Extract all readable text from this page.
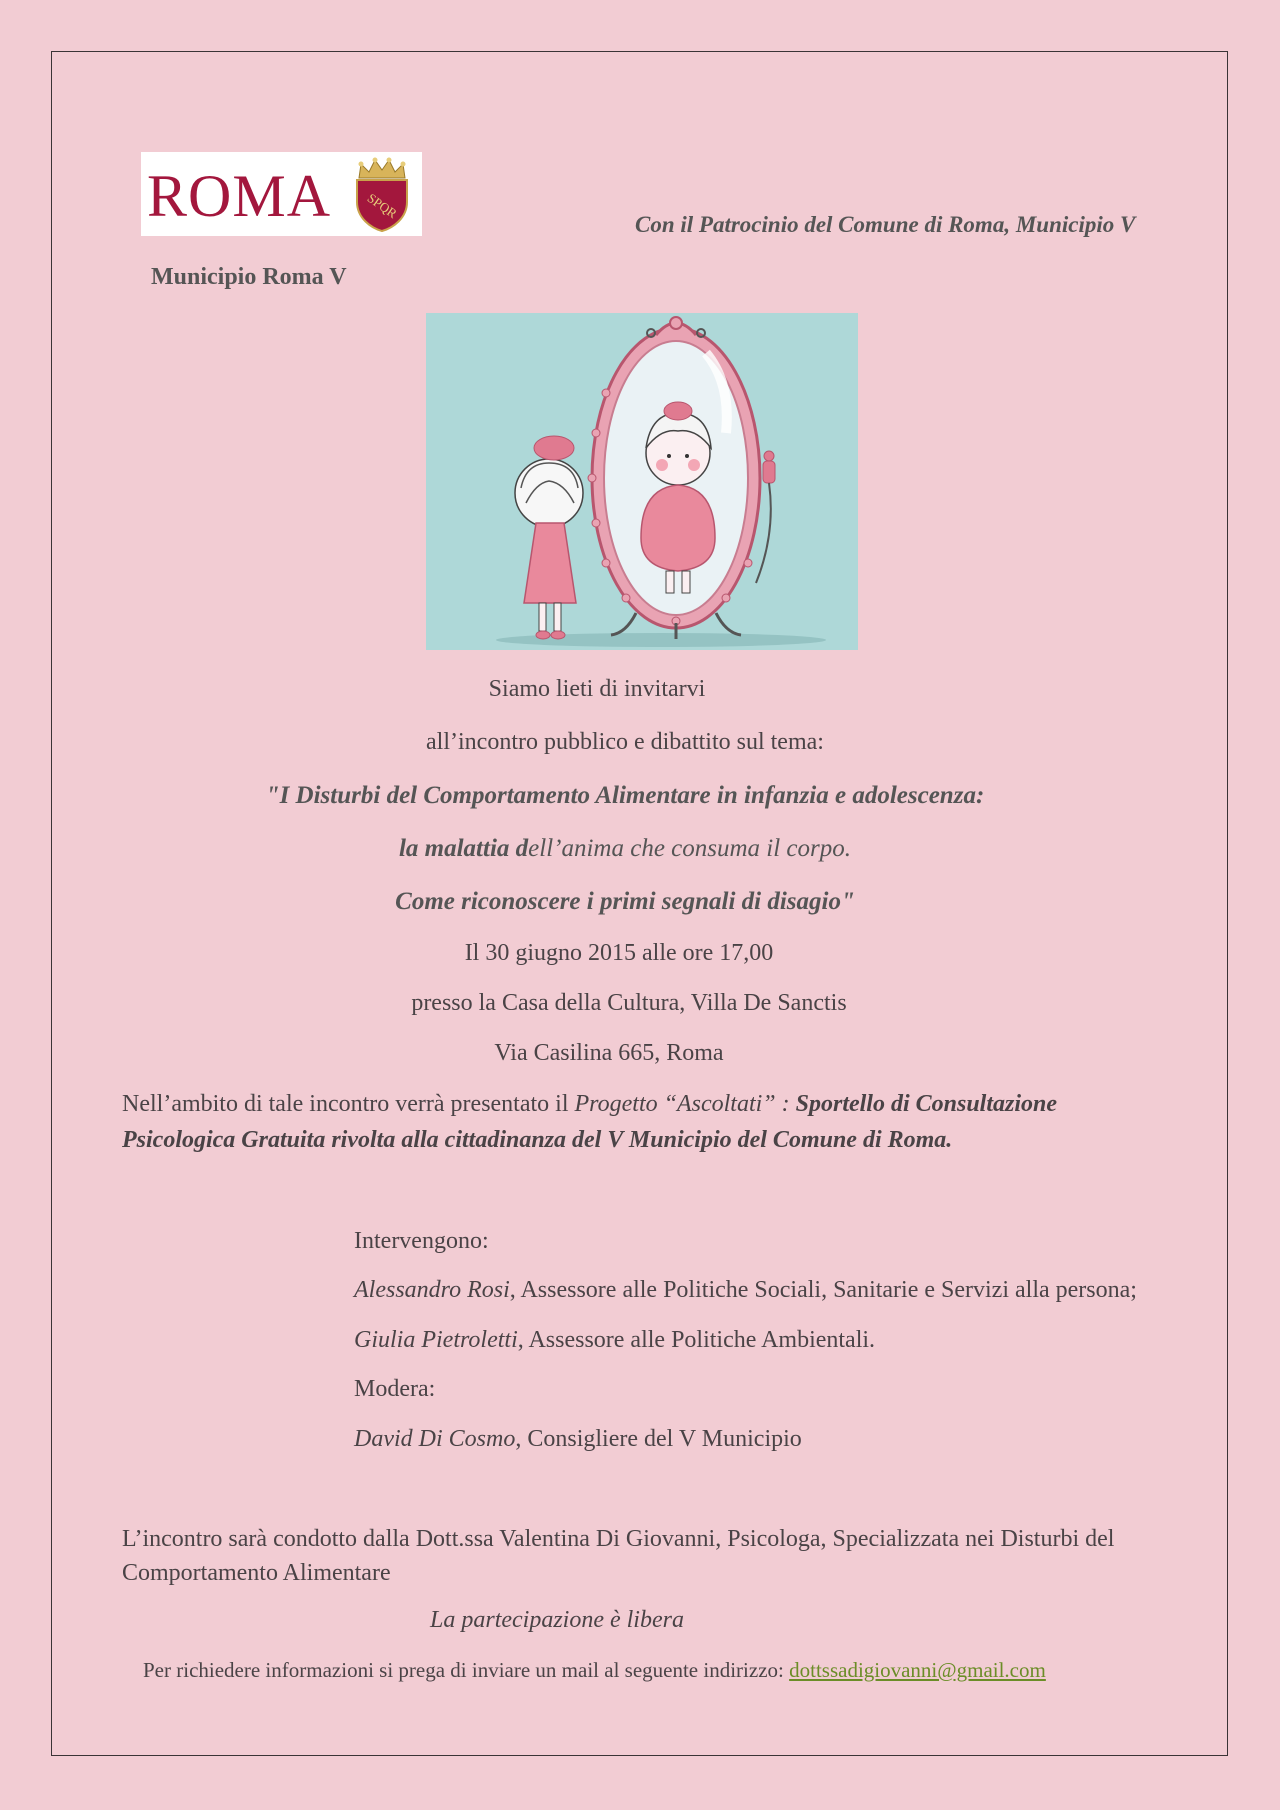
ROMA	SPQR
Con il Patrocinio del Comune di Roma, Municipio V
Municipio Roma V
Siamo lieti di invitarvi
all’incontro pubblico e dibattito sul tema:
"I Disturbi del Comportamento Alimentare in infanzia e adolescenza:
la malattia dell’anima che consuma il corpo.
Come riconoscere i primi segnali di disagio"
Il 30 giugno 2015 alle ore 17,00
presso la Casa della Cultura, Villa De Sanctis
Via Casilina 665, Roma
Nell’ambito di tale incontro verrà presentato il Progetto “Ascoltati” : Sportello di Consultazione Psicologica Gratuita rivolta alla cittadinanza del V Municipio del Comune di Roma.
Intervengono:
Alessandro Rosi, Assessore alle Politiche Sociali, Sanitarie e Servizi alla persona;
Giulia Pietroletti, Assessore alle Politiche Ambientali.
Modera:
David Di Cosmo, Consigliere del V Municipio
L’incontro sarà condotto dalla Dott.ssa Valentina Di Giovanni, Psicologa, Specializzata nei Disturbi del Comportamento Alimentare
La partecipazione è libera
Per richiedere informazioni si prega di inviare un mail al seguente indirizzo: dottssadigiovanni@gmail.com
